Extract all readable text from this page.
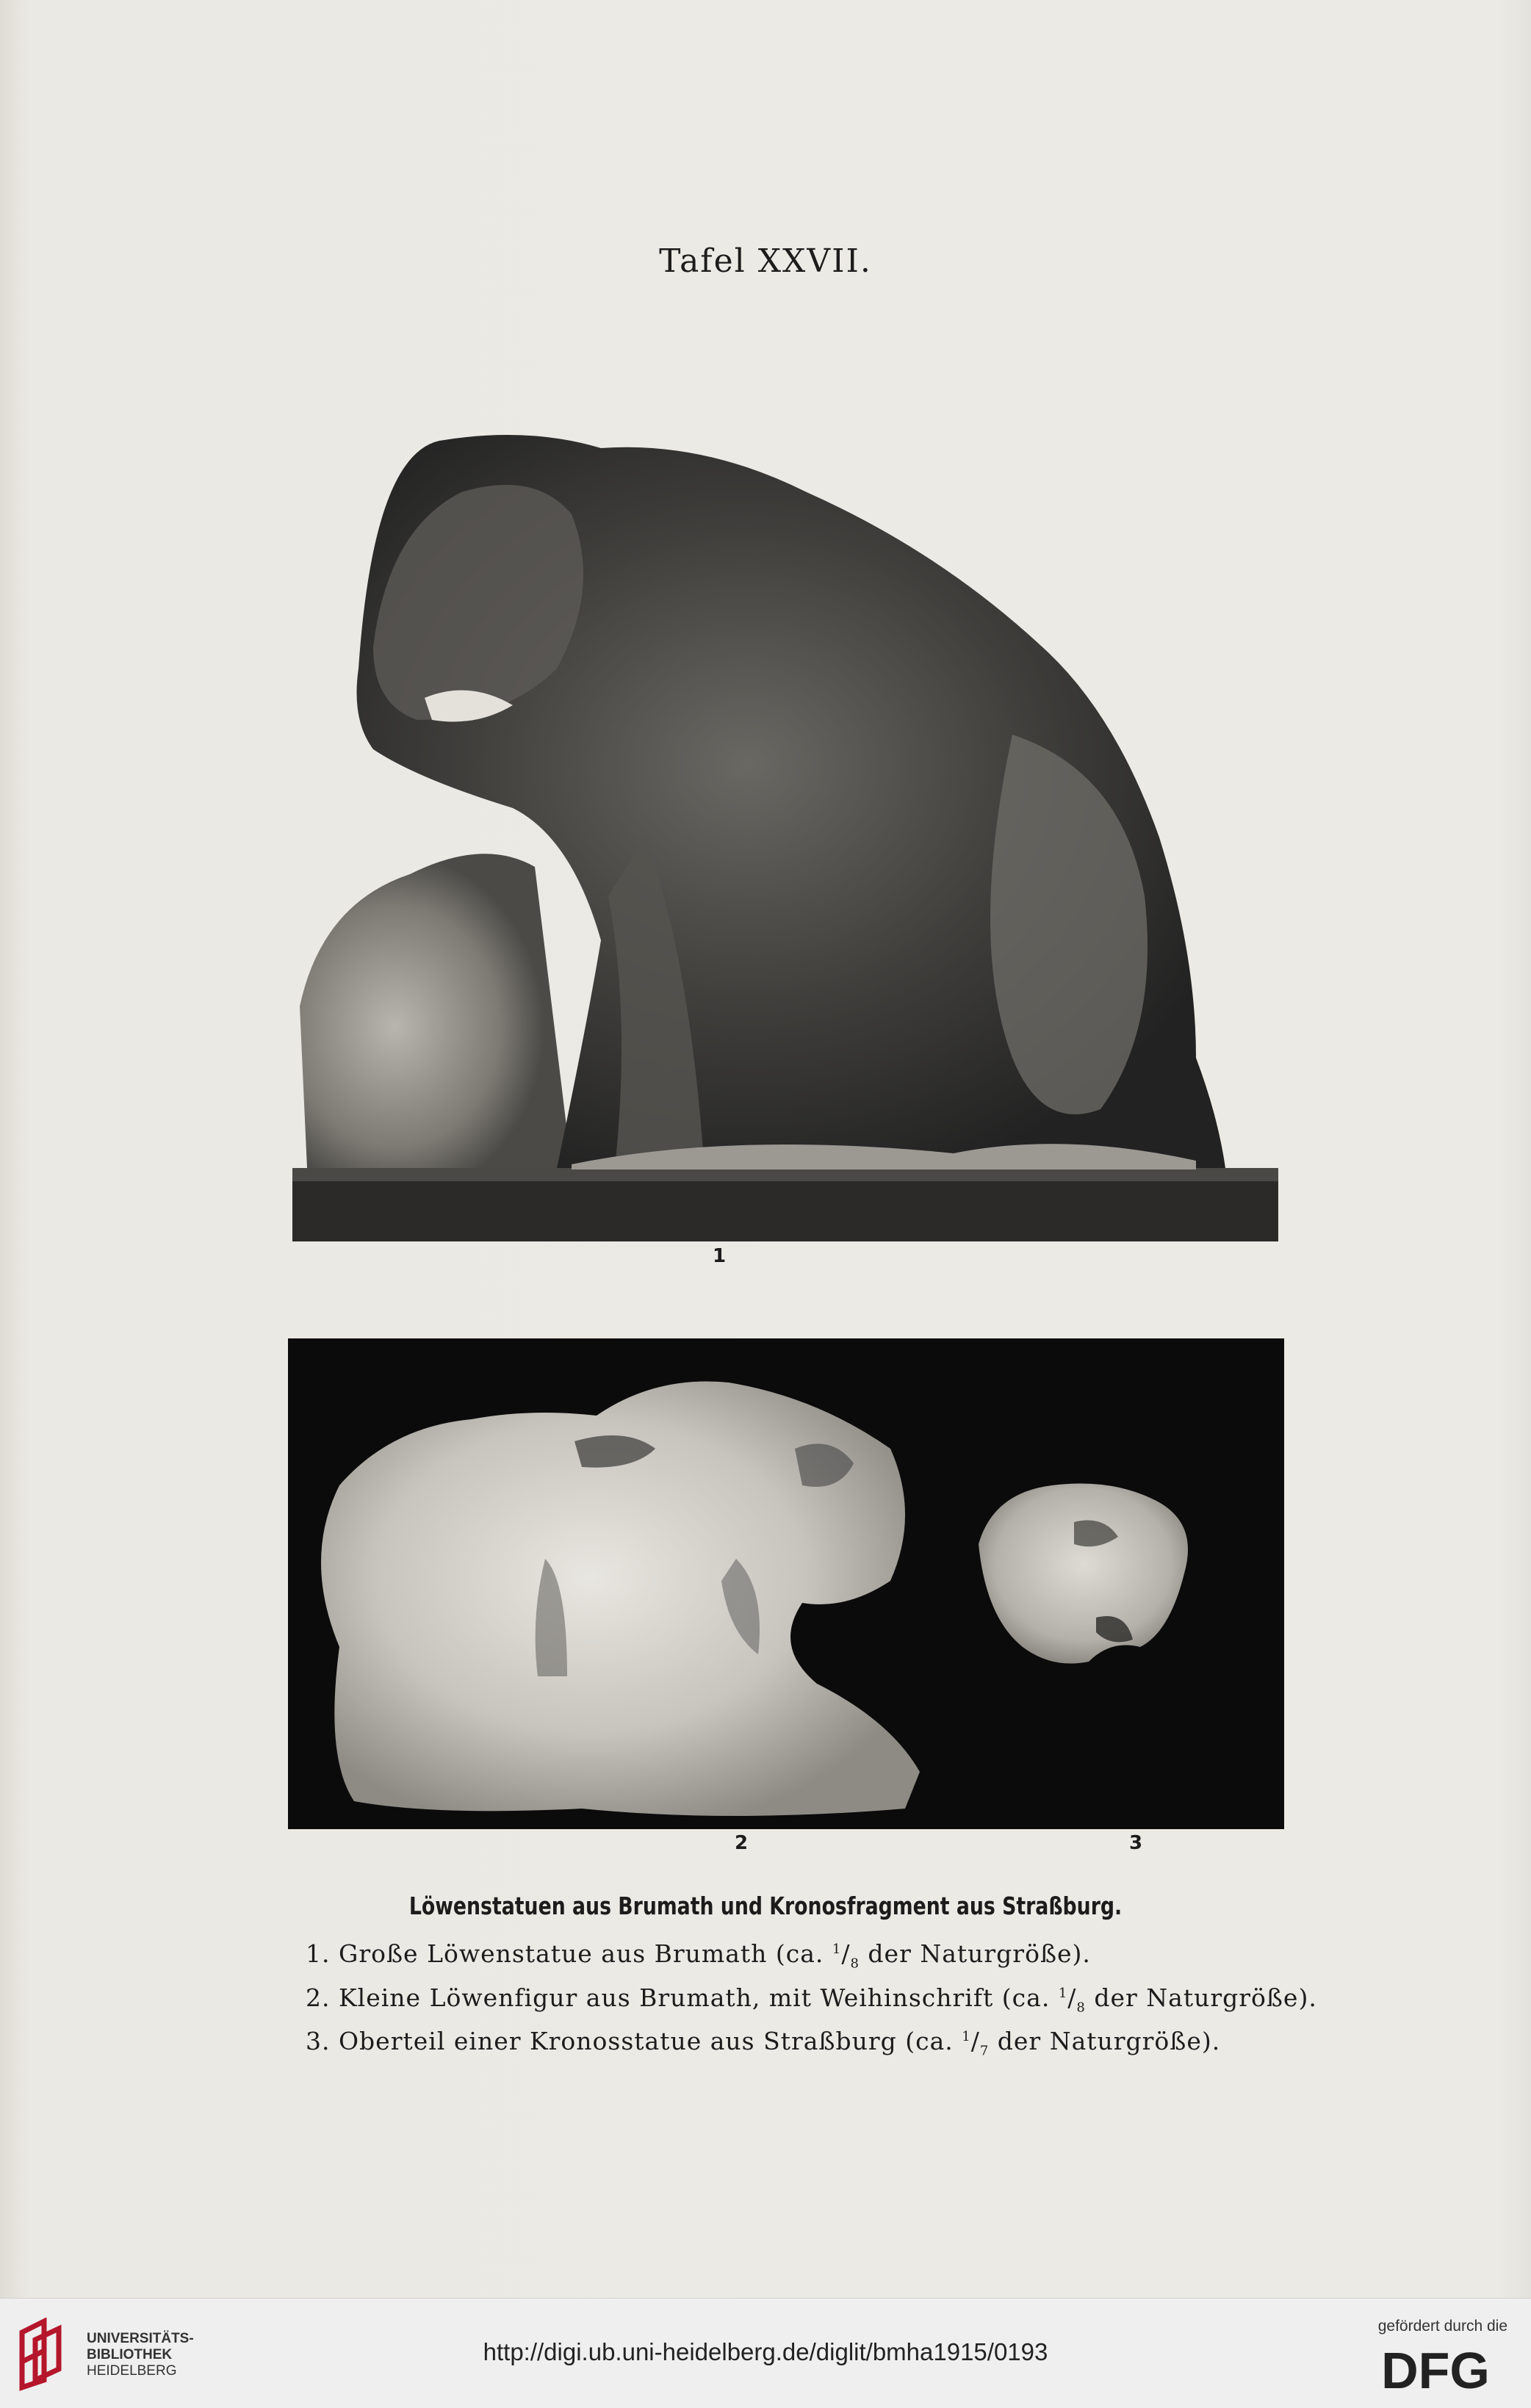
Tafel XXVII.
1
2	3
Löwenstatuen aus Brumath und Kronosfragment aus Straßburg.
1. Große Löwenstatue aus Brumath (ca. $^1/_8$ der Naturgröße).
2. Kleine Löwenfigur aus Brumath, mit Weihinschrift (ca. $^1/_8$ der Naturgröße).
3. Oberteil einer Kronosstatue aus Straßburg (ca. $^1/_7$ der Naturgröße).
UNIVERSITÄTS-
BIBLIOTHEK
HEIDELBERG
http://digi.ub.uni-heidelberg.de/diglit/bmha1915/0193
gefördert durch die
DFG
